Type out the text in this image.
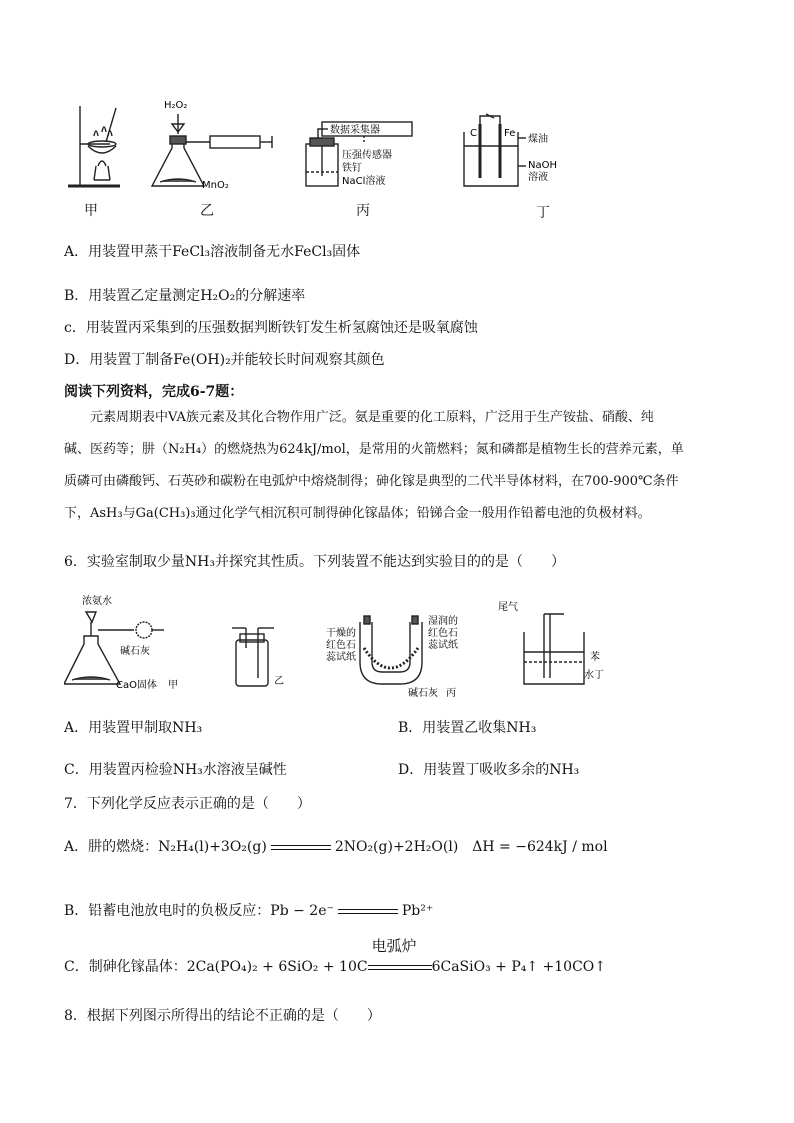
H₂O₂
MnO₂
数据采集器
压强传感器
铁钉
NaCl溶液
C	Fe
煤油
NaOH
溶液
甲	乙	丙	丁
A．用装置甲蒸干FeCl₃溶液制备无水FeCl₃固体
B．用装置乙定量测定H₂O₂的分解速率
c．用装置丙采集到的压强数据判断铁钉发生析氢腐蚀还是吸氧腐蚀
D．用装置丁制备Fe(OH)₂并能较长时间观察其颜色
阅读下列资料，完成6-7题：
元素周期表中VA族元素及其化合物作用广泛。氨是重要的化工原料，广泛用于生产铵盐、硝酸、纯
碱、医药等；肼（N₂H₄）的燃烧热为624kJ/mol，是常用的火箭燃料；氮和磷都是植物生长的营养元素，单
质磷可由磷酸钙、石英砂和碳粉在电弧炉中熔烧制得；砷化镓是典型的二代半导体材料，在700-900℃条件
下，AsH₃与Ga(CH₃)₃通过化学气相沉积可制得砷化镓晶体；铅锑合金一般用作铅蓄电池的负极材料。
6．实验室制取少量NH₃并探究其性质。下列装置不能达到实验目的的是（　　）
浓氨水
碱石灰
CaO固体 甲	乙
干燥的
红色石
蕊试纸
湿润的
红色石
蕊试纸
碱石灰 丙
尾气
苯
水 丁
A．用装置甲制取NH₃	B．用装置乙收集NH₃
C．用装置丙检验NH₃水溶液呈碱性	D．用装置丁吸收多余的NH₃
7．下列化学反应表示正确的是（　　）
A．肼的燃烧：N₂H₄(l)+3O₂(g)	2NO₂(g)+2H₂O(l)　ΔH = −624kJ / mol
B．铅蓄电池放电时的负极反应：Pb − 2e⁻	Pb²⁺
C．制砷化镓晶体：2Ca(PO₄)₂ + 6SiO₂ + 10C
电弧炉
6CaSiO₃ + P₄↑ +10CO↑
8．根据下列图示所得出的结论不正确的是（　　）
